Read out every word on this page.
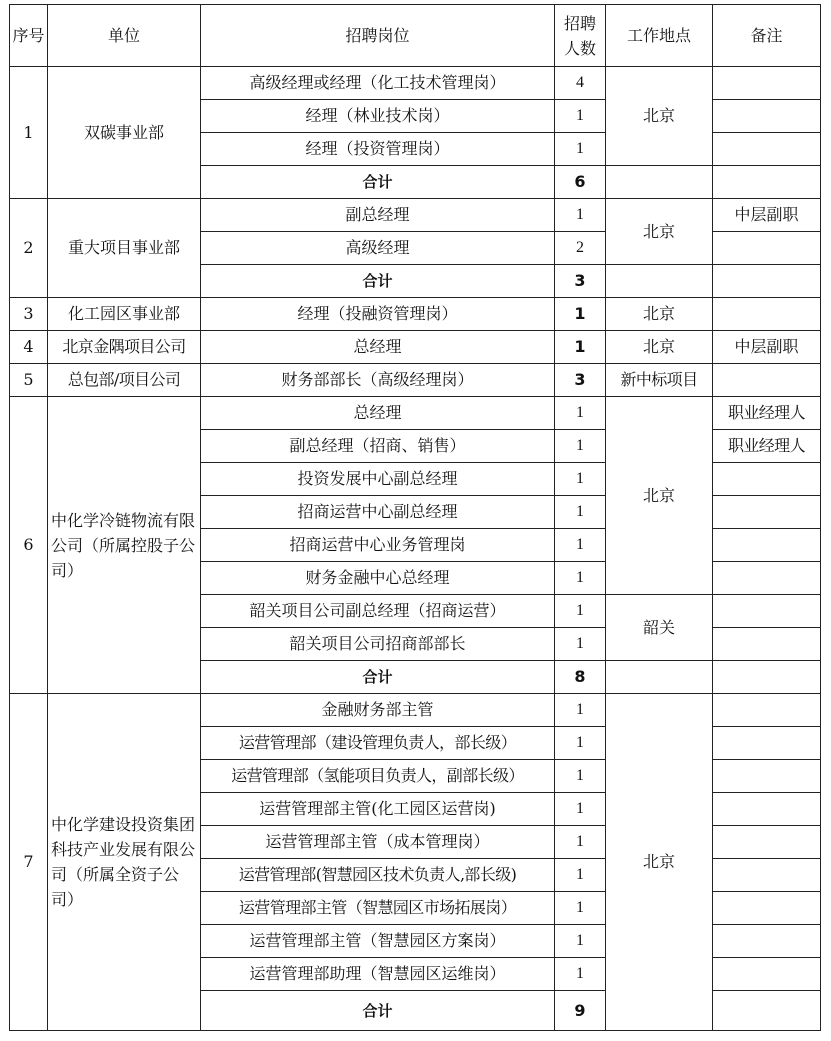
序号	单位	招聘岗位	招聘人数	工作地点	备注
1	双碳事业部	高级经理或经理（化工技术管理岗）	4	北京	
		经理（林业技术岗）	1		
		经理（投资管理岗）	1		
		合计	6		
2	重大项目事业部	副总经理	1	北京	中层副职
		高级经理	2		
		合计	3		
3	化工园区事业部	经理（投融资管理岗）	1	北京	
4	北京金隅项目公司	总经理	1	北京	中层副职
5	总包部/项目公司	财务部部长（高级经理岗）	3	新中标项目	
6	中化学冷链物流有限公司（所属控股子公司）	总经理	1	北京	职业经理人
		副总经理（招商、销售）	1		职业经理人
		投资发展中心副总经理	1		
		招商运营中心副总经理	1		
		招商运营中心业务管理岗	1		
		财务金融中心总经理	1		
		韶关项目公司副总经理（招商运营）	1	韶关	
		韶关项目公司招商部部长	1		
		合计	8		
7	中化学建设投资集团科技产业发展有限公司（所属全资子公司）	金融财务部主管	1	北京	
		运营管理部（建设管理负责人，部长级）	1		
		运营管理部（氢能项目负责人，副部长级）	1		
		运营管理部主管(化工园区运营岗)	1		
		运营管理部主管（成本管理岗）	1		
		运营管理部(智慧园区技术负责人,部长级)	1		
		运营管理部主管（智慧园区市场拓展岗）	1		
		运营管理部主管（智慧园区方案岗）	1		
		运营管理部助理（智慧园区运维岗）	1		
		合计	9		
